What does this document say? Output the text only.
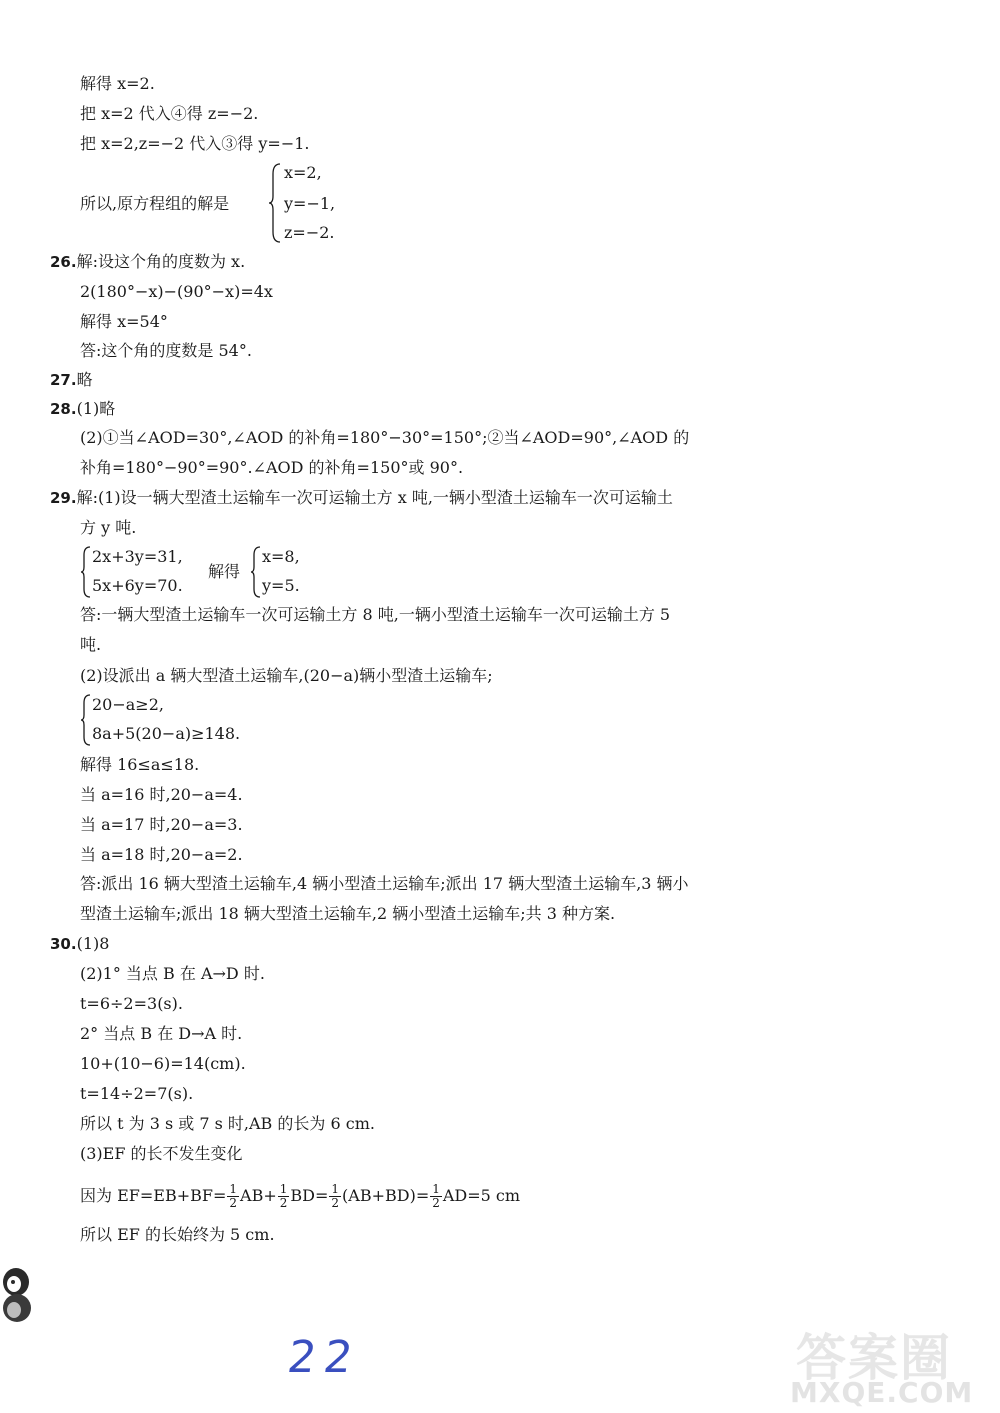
解得 x=2.
把 x=2 代入④得 z=−2.
把 x=2,z=−2 代入③得 y=−1.
所以,原方程组的解是
x=2,
y=−1,
z=−2.
26.解:设这个角的度数为 x.
2(180°−x)−(90°−x)=4x
解得 x=54°
答:这个角的度数是 54°.
27.略
28.(1)略
(2)①当∠AOD=30°,∠AOD 的补角=180°−30°=150°;②当∠AOD=90°,∠AOD 的
补角=180°−90°=90°.∠AOD 的补角=150°或 90°.
29.解:(1)设一辆大型渣土运输车一次可运输土方 x 吨,一辆小型渣土运输车一次可运输土
方 y 吨.
2x+3y=31,
5x+6y=70.
解得
x=8,
y=5.
答:一辆大型渣土运输车一次可运输土方 8 吨,一辆小型渣土运输车一次可运输土方 5
吨.
(2)设派出 a 辆大型渣土运输车,(20−a)辆小型渣土运输车;
20−a≥2,
8a+5(20−a)≥148.
解得 16≤a≤18.
当 a=16 时,20−a=4.
当 a=17 时,20−a=3.
当 a=18 时,20−a=2.
答:派出 16 辆大型渣土运输车,4 辆小型渣土运输车;派出 17 辆大型渣土运输车,3 辆小
型渣土运输车;派出 18 辆大型渣土运输车,2 辆小型渣土运输车;共 3 种方案.
30.(1)8
(2)1° 当点 B 在 A→D 时.
t=6÷2=3(s).
2° 当点 B 在 D→A 时.
10+(10−6)=14(cm).
t=14÷2=7(s).
所以 t 为 3 s 或 7 s 时,AB 的长为 6 cm.
(3)EF 的长不发生变化
因为 $EF=EB+BF= \frac{1}{2} AB+ \frac{1}{2} BD= \frac{1}{2} (AB+BD)= \frac{1}{2} AD=5$ cm
所以 EF 的长始终为 5 cm.
22	答案圈
MXQE.COM
